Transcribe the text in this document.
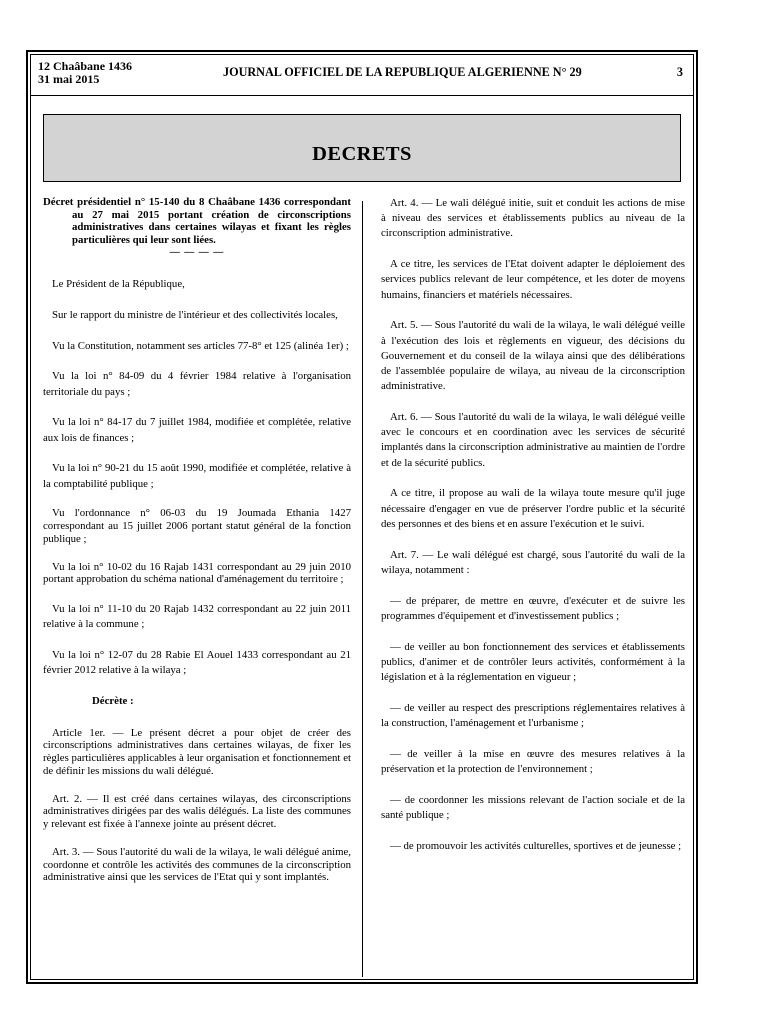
12 Chaâbane 1436
31 mai 2015	JOURNAL OFFICIEL DE LA REPUBLIQUE ALGERIENNE N° 29	3
DECRETS
Décret présidentiel n° 15-140 du 8 Chaâbane 1436 correspondant au 27 mai 2015 portant création de circonscriptions administratives dans certaines wilayas et fixant les règles particulières qui leur sont liées.
— — — —

Le Président de la République,

Sur le rapport du ministre de l'intérieur et des collectivités locales,

Vu la Constitution, notamment ses articles 77-8° et 125 (alinéa 1er) ;

Vu la loi n° 84-09 du 4 février 1984 relative à l'organisation territoriale du pays ;

Vu la loi n° 84-17 du 7 juillet 1984, modifiée et complétée, relative aux lois de finances ;

Vu la loi n° 90-21 du 15 août 1990, modifiée et complétée, relative à la comptabilité publique ;

Vu l'ordonnance n° 06-03 du 19 Joumada Ethania 1427 correspondant au 15 juillet 2006 portant statut général de la fonction publique ;

Vu la loi n° 10-02 du 16 Rajab 1431 correspondant au 29 juin 2010 portant approbation du schéma national d'aménagement du territoire ;

Vu la loi n° 11-10 du 20 Rajab 1432 correspondant au 22 juin 2011 relative à la commune ;

Vu la loi n° 12-07 du 28 Rabie El Aouel 1433 correspondant au 21 février 2012 relative à la wilaya ;

Décrète :

Article 1er. — Le présent décret a pour objet de créer des circonscriptions administratives dans certaines wilayas, de fixer les règles particulières applicables à leur organisation et fonctionnement et de définir les missions du wali délégué.

Art. 2. — Il est créé dans certaines wilayas, des circonscriptions administratives dirigées par des walis délégués. La liste des communes y relevant est fixée à l'annexe jointe au présent décret.

Art. 3. — Sous l'autorité du wali de la wilaya, le wali délégué anime, coordonne et contrôle les activités des communes de la circonscription administrative ainsi que les services de l'Etat qui y sont implantés.

Art. 4. — Le wali délégué initie, suit et conduit les actions de mise à niveau des services et établissements publics au niveau de la circonscription administrative.

A ce titre, les services de l'Etat doivent adapter le déploiement des services publics relevant de leur compétence, et les doter de moyens humains, financiers et matériels nécessaires.

Art. 5. — Sous l'autorité du wali de la wilaya, le wali délégué veille à l'exécution des lois et règlements en vigueur, des décisions du Gouvernement et du conseil de la wilaya ainsi que des délibérations de l'assemblée populaire de wilaya, au niveau de la circonscription administrative.

Art. 6. — Sous l'autorité du wali de la wilaya, le wali délégué veille avec le concours et en coordination avec les services de sécurité implantés dans la circonscription administrative au maintien de l'ordre et de la sécurité publics.

A ce titre, il propose au wali de la wilaya toute mesure qu'il juge nécessaire d'engager en vue de préserver l'ordre public et la sécurité des personnes et des biens et en assure l'exécution et le suivi.

Art. 7. — Le wali délégué est chargé, sous l'autorité du wali de la wilaya, notamment :

— de préparer, de mettre en œuvre, d'exécuter et de suivre les programmes d'équipement et d'investissement publics ;

— de veiller au bon fonctionnement des services et établissements publics, d'animer et de contrôler leurs activités, conformément à la législation et à la réglementation en vigueur ;

— de veiller au respect des prescriptions réglementaires relatives à la construction, l'aménagement et l'urbanisme ;

— de veiller à la mise en œuvre des mesures relatives à la préservation et la protection de l'environnement ;

— de coordonner les missions relevant de l'action sociale et de la santé publique ;

— de promouvoir les activités culturelles, sportives et de jeunesse ;
